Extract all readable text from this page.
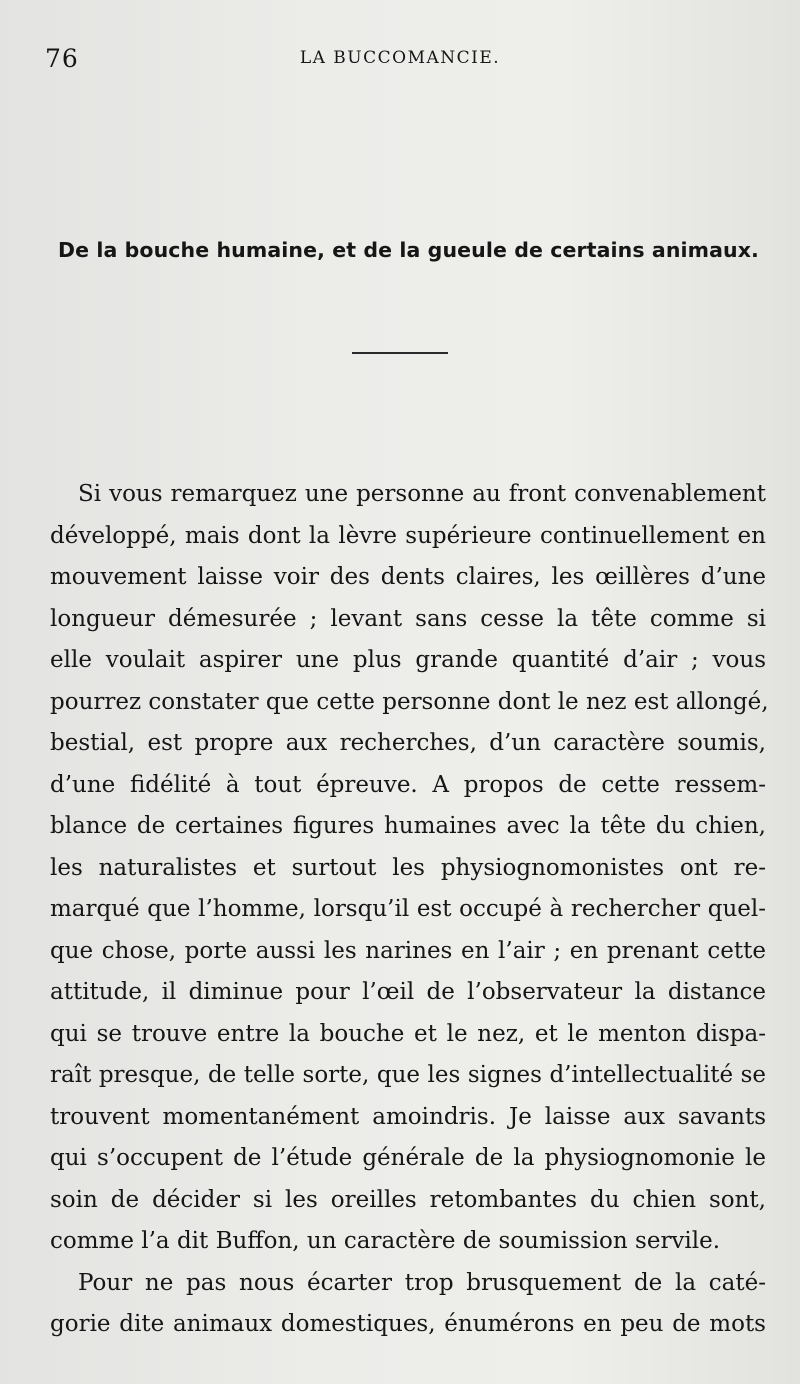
76	LA BUCCOMANCIE.
De la bouche humaine, et de la gueule de certains animaux.

Si vous remarquez une personne au front convenablement
développé, mais dont la lèvre supérieure continuellement en
mouvement laisse voir des dents claires, les œillères d’une
longueur démesurée ; levant sans cesse la tête comme si
elle voulait aspirer une plus grande quantité d’air ; vous
pourrez constater que cette personne dont le nez est allongé,
bestial, est propre aux recherches, d’un caractère soumis,
d’une fidélité à tout épreuve. A propos de cette ressem-
blance de certaines figures humaines avec la tête du chien,
les naturalistes et surtout les physiognomonistes ont re-
marqué que l’homme, lorsqu’il est occupé à rechercher quel-
que chose, porte aussi les narines en l’air ; en prenant cette
attitude, il diminue pour l’œil de l’observateur la distance
qui se trouve entre la bouche et le nez, et le menton dispa-
raît presque, de telle sorte, que les signes d’intellectualité se
trouvent momentanément amoindris. Je laisse aux savants
qui s’occupent de l’étude générale de la physiognomonie le
soin de décider si les oreilles retombantes du chien sont,
comme l’a dit Buffon, un caractère de soumission servile.

Pour ne pas nous écarter trop brusquement de la caté-
gorie dite animaux domestiques, énumérons en peu de mots
